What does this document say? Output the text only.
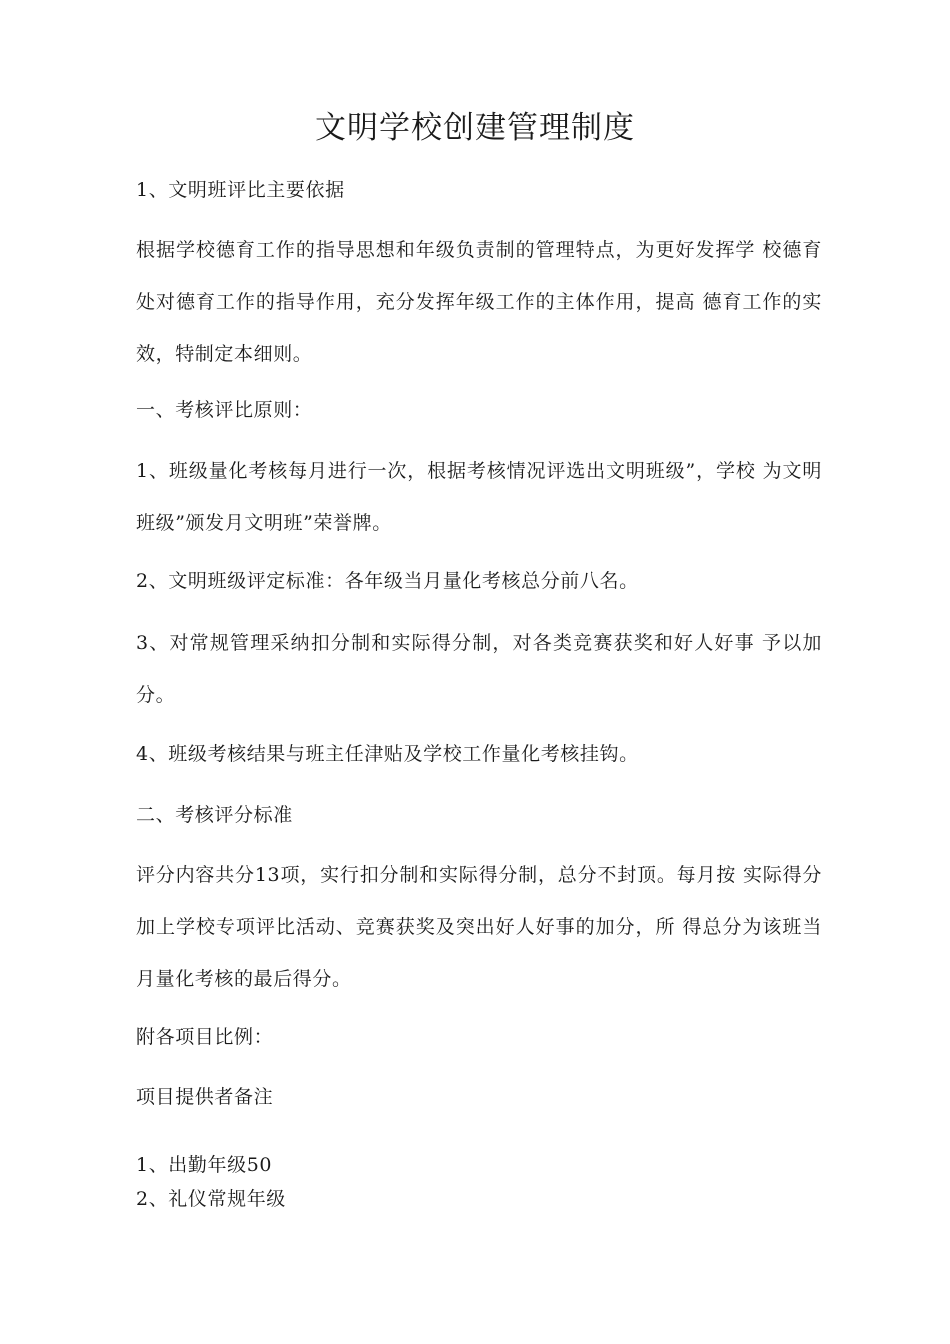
文明学校创建管理制度

1、文明班评比主要依据

根据学校德育工作的指导思想和年级负责制的管理特点，为更好发挥学 校德育处对德育工作的指导作用，充分发挥年级工作的主体作用，提高 德育工作的实效，特制定本细则。

一、考核评比原则：

1、班级量化考核每月进行一次，根据考核情况评选出文明班级”，学校 为文明班级”颁发月文明班”荣誉牌。

2、文明班级评定标准：各年级当月量化考核总分前八名。

3、对常规管理采纳扣分制和实际得分制，对各类竞赛获奖和好人好事 予以加分。

4、班级考核结果与班主任津贴及学校工作量化考核挂钩。

二、考核评分标准

评分内容共分13项，实行扣分制和实际得分制，总分不封顶。每月按 实际得分加上学校专项评比活动、竞赛获奖及突出好人好事的加分，所 得总分为该班当月量化考核的最后得分。

附各项目比例：

项目提供者备注

1、出勤年级50

2、礼仪常规年级
